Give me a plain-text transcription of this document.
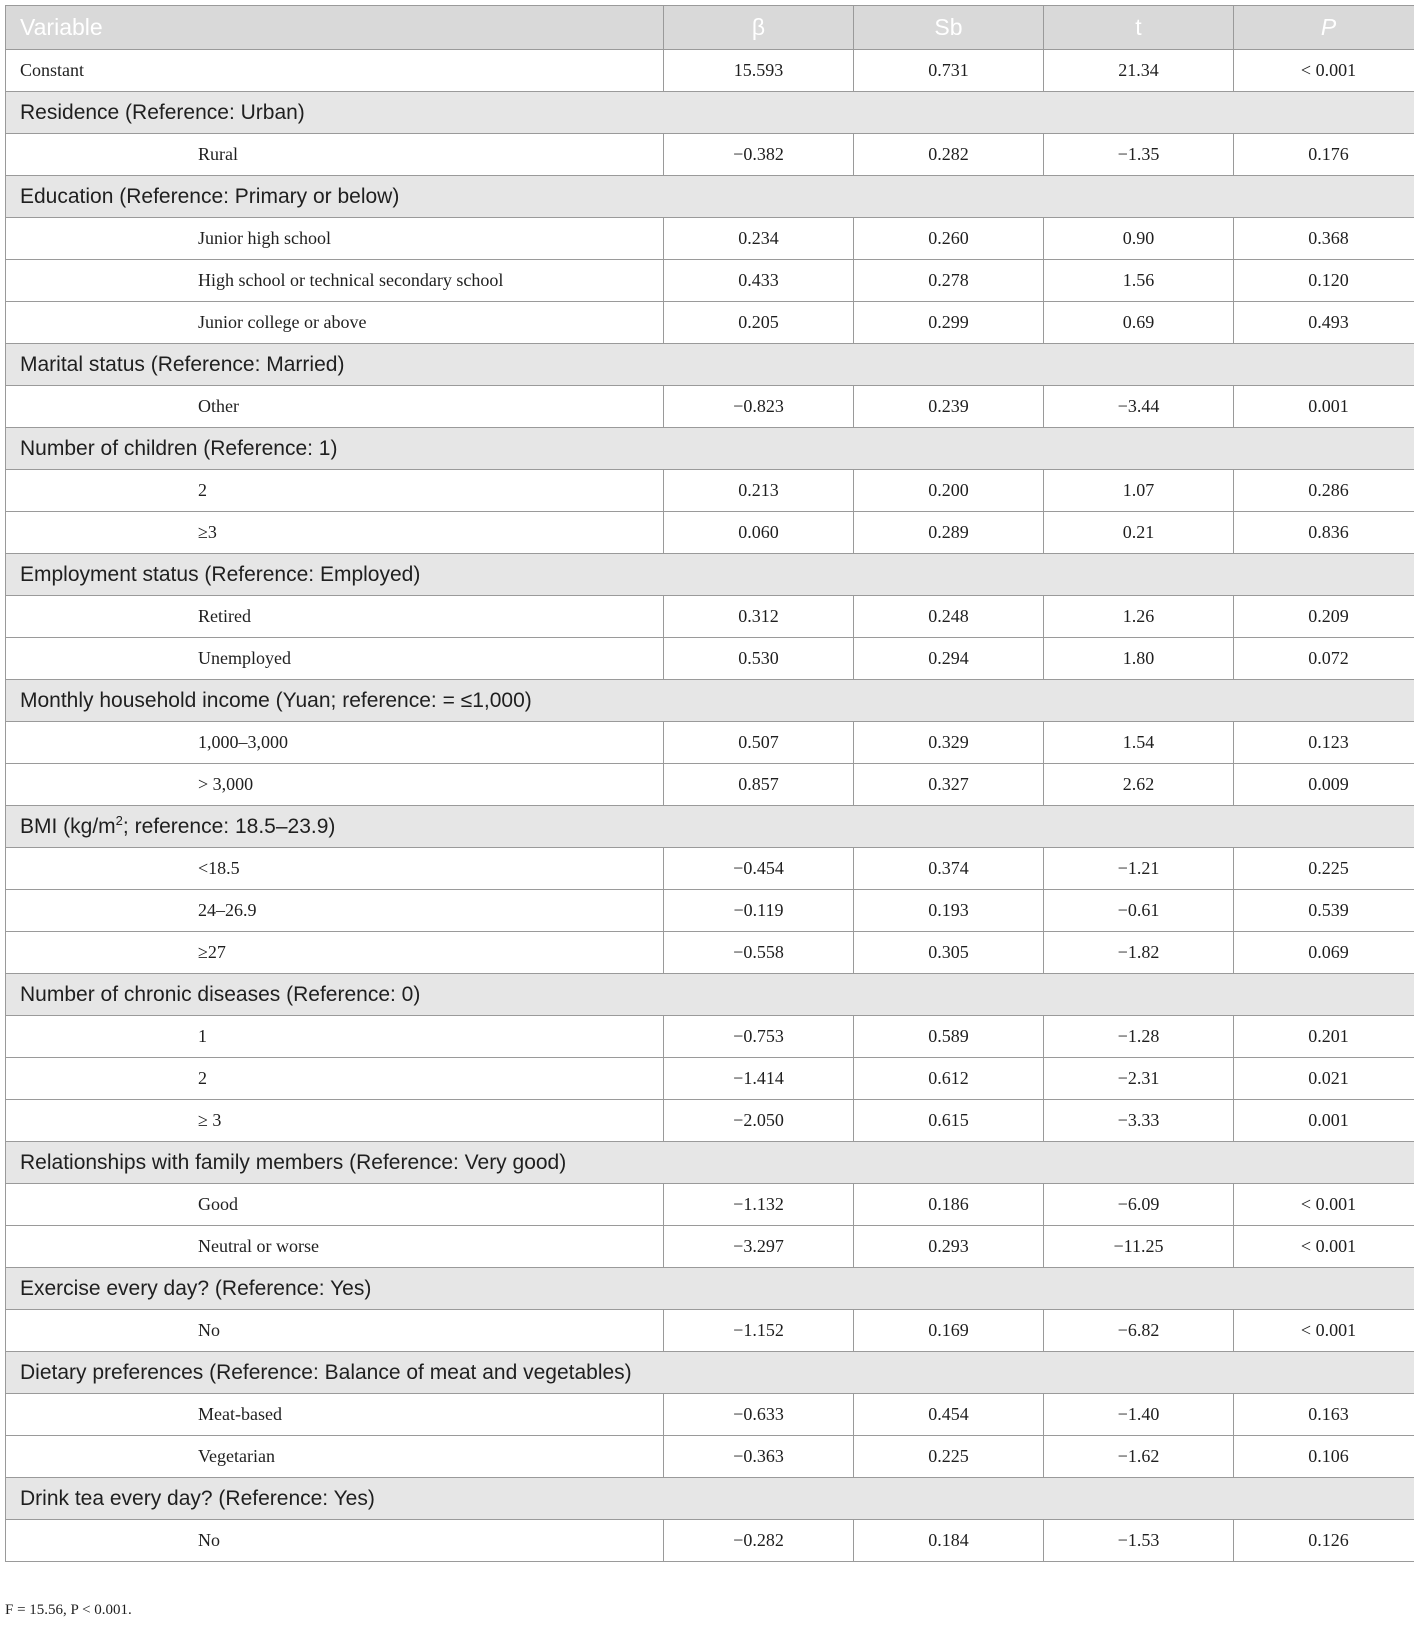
Variable	β	Sb	t	P
Constant	15.593	0.731	21.34	< 0.001
Residence (Reference: Urban)				
Rural	−0.382	0.282	−1.35	0.176
Education (Reference: Primary or below)				
Junior high school	0.234	0.260	0.90	0.368
High school or technical secondary school	0.433	0.278	1.56	0.120
Junior college or above	0.205	0.299	0.69	0.493
Marital status (Reference: Married)				
Other	−0.823	0.239	−3.44	0.001
Number of children (Reference: 1)				
2	0.213	0.200	1.07	0.286
≥3	0.060	0.289	0.21	0.836
Employment status (Reference: Employed)				
Retired	0.312	0.248	1.26	0.209
Unemployed	0.530	0.294	1.80	0.072
Monthly household income (Yuan; reference: = ≤1,000)				
1,000–3,000	0.507	0.329	1.54	0.123
> 3,000	0.857	0.327	2.62	0.009
BMI ($kg/m^2$; reference: 18.5–23.9)				
<18.5	−0.454	0.374	−1.21	0.225
24–26.9	−0.119	0.193	−0.61	0.539
≥27	−0.558	0.305	−1.82	0.069
Number of chronic diseases (Reference: 0)				
1	−0.753	0.589	−1.28	0.201
2	−1.414	0.612	−2.31	0.021
≥ 3	−2.050	0.615	−3.33	0.001
Relationships with family members (Reference: Very good)				
Good	−1.132	0.186	−6.09	< 0.001
Neutral or worse	−3.297	0.293	−11.25	< 0.001
Exercise every day? (Reference: Yes)				
No	−1.152	0.169	−6.82	< 0.001
Dietary preferences (Reference: Balance of meat and vegetables)				
Meat-based	−0.633	0.454	−1.40	0.163
Vegetarian	−0.363	0.225	−1.62	0.106
Drink tea every day? (Reference: Yes)				
No	−0.282	0.184	−1.53	0.126
F = 15.56, P < 0.001.
